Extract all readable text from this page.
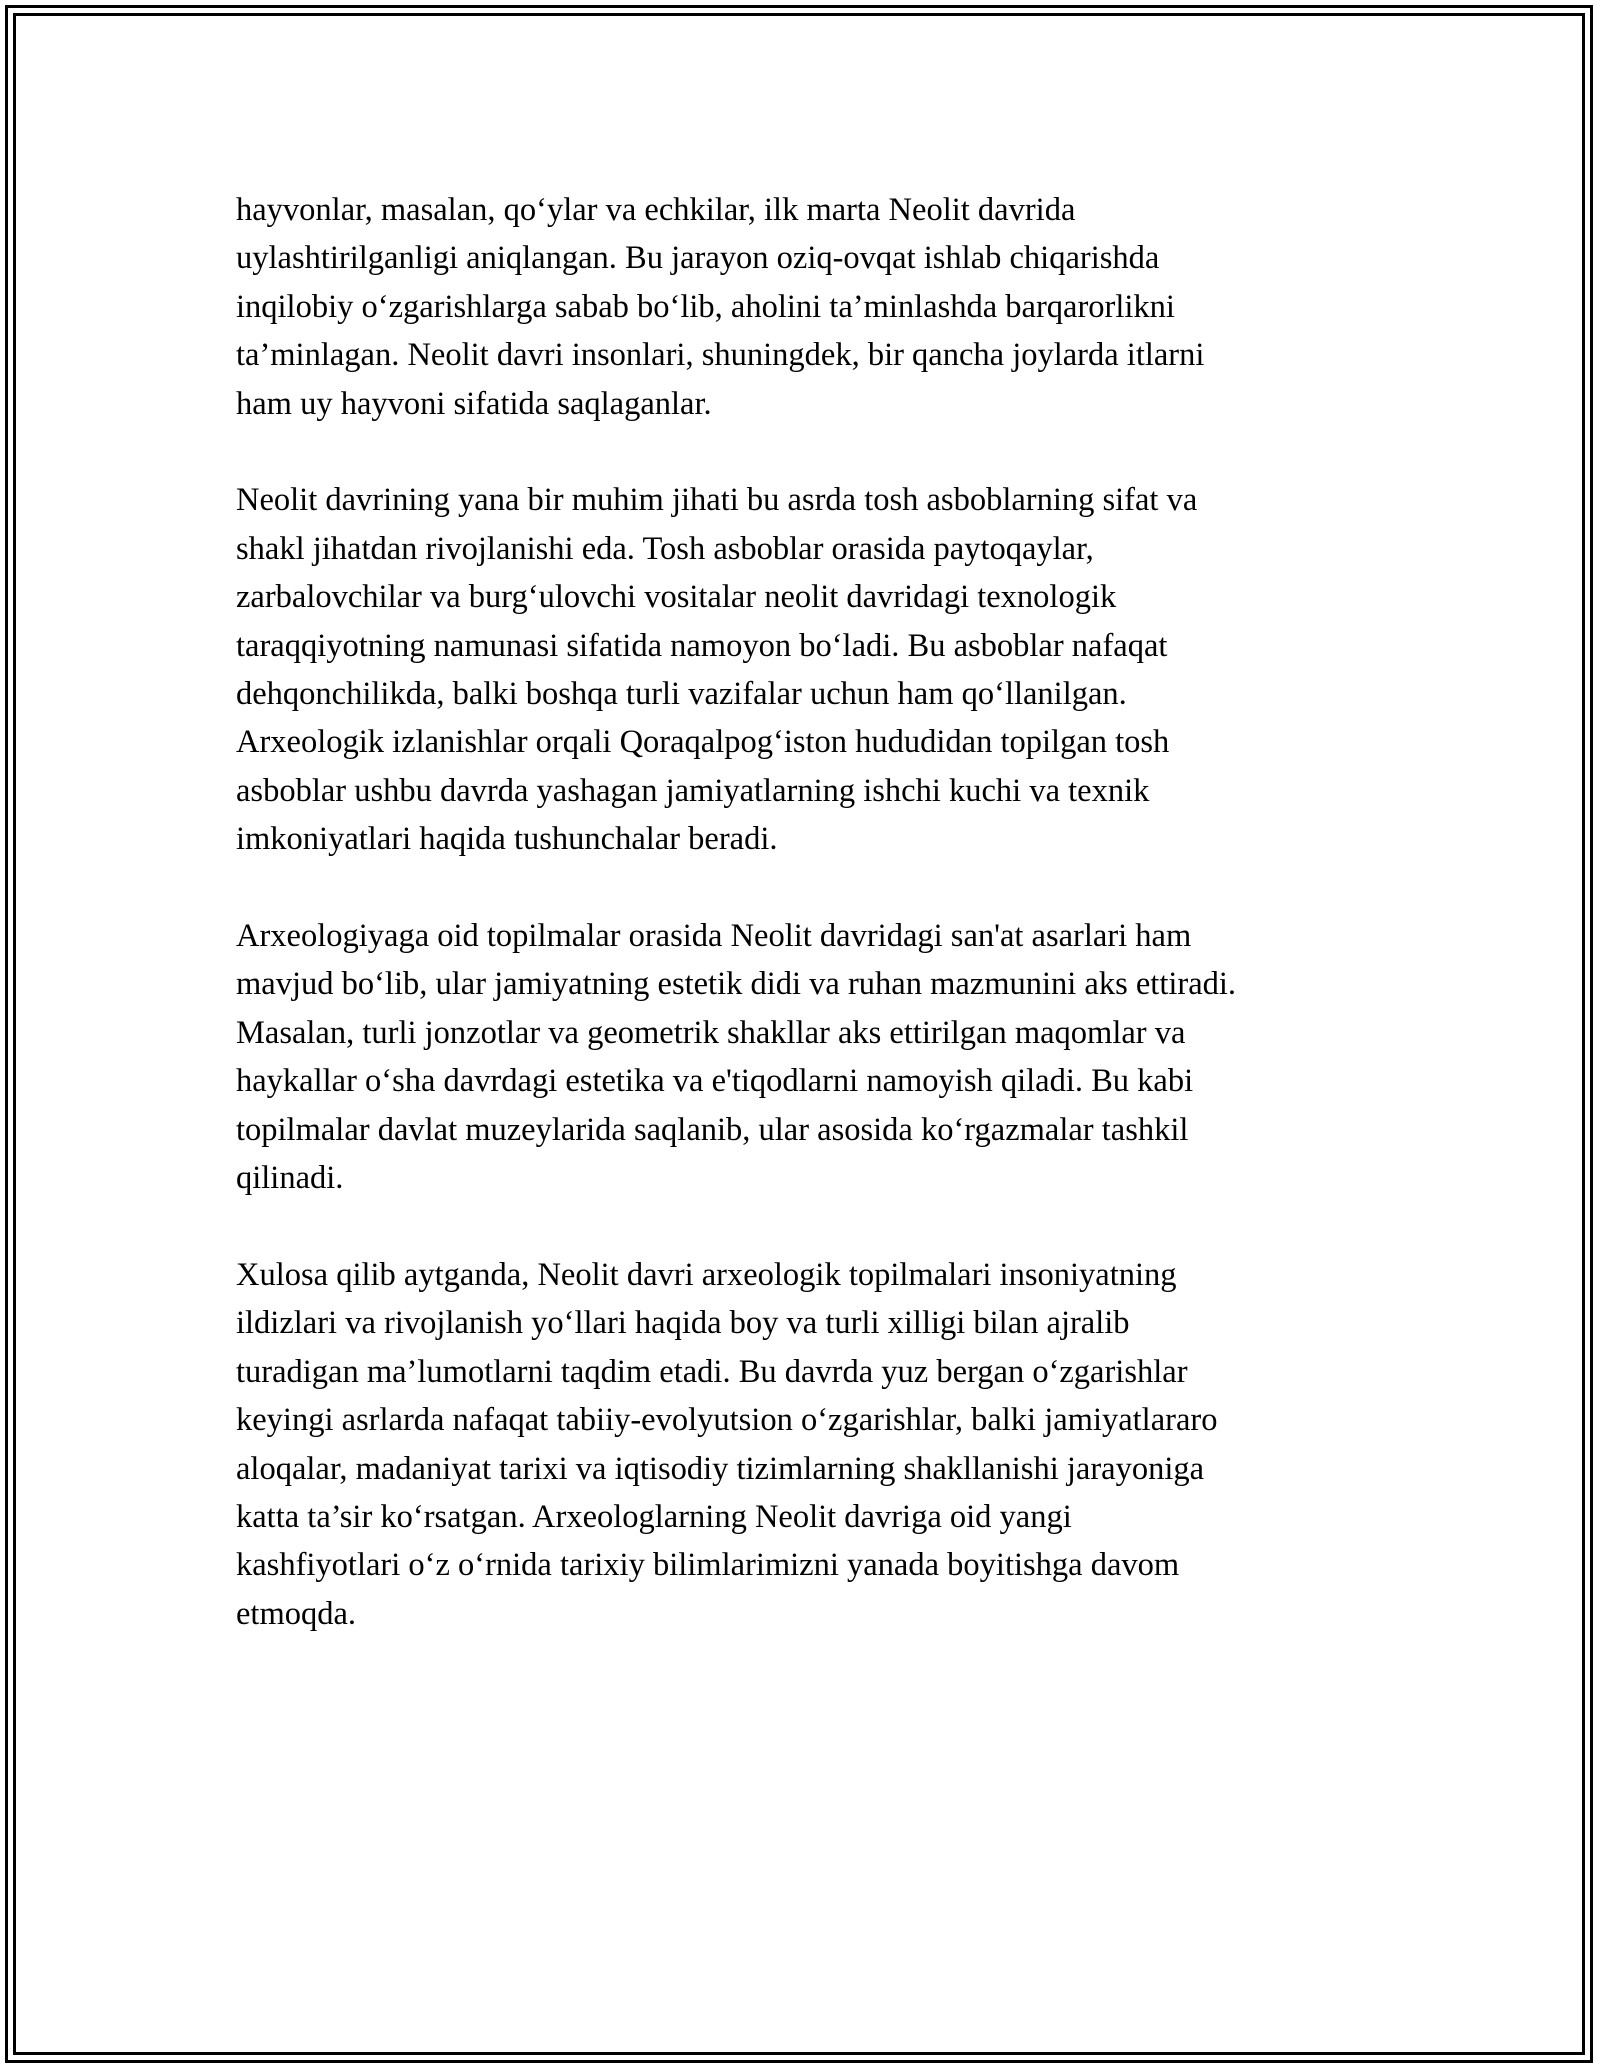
hayvonlar, masalan, qo‘ylar va echkilar, ilk marta Neolit davrida
uylashtirilganligi aniqlangan. Bu jarayon oziq-ovqat ishlab chiqarishda
inqilobiy o‘zgarishlarga sabab bo‘lib, aholini ta’minlashda barqarorlikni
ta’minlagan. Neolit davri insonlari, shuningdek, bir qancha joylarda itlarni
ham uy hayvoni sifatida saqlaganlar.

Neolit davrining yana bir muhim jihati bu asrda tosh asboblarning sifat va
shakl jihatdan rivojlanishi eda. Tosh asboblar orasida paytoqaylar,
zarbalovchilar va burg‘ulovchi vositalar neolit davridagi texnologik
taraqqiyotning namunasi sifatida namoyon bo‘ladi. Bu asboblar nafaqat
dehqonchilikda, balki boshqa turli vazifalar uchun ham qo‘llanilgan.
Arxeologik izlanishlar orqali Qoraqalpog‘iston hududidan topilgan tosh
asboblar ushbu davrda yashagan jamiyatlarning ishchi kuchi va texnik
imkoniyatlari haqida tushunchalar beradi.

Arxeologiyaga oid topilmalar orasida Neolit davridagi san'at asarlari ham
mavjud bo‘lib, ular jamiyatning estetik didi va ruhan mazmunini aks ettiradi.
Masalan, turli jonzotlar va geometrik shakllar aks ettirilgan maqomlar va
haykallar o‘sha davrdagi estetika va e'tiqodlarni namoyish qiladi. Bu kabi
topilmalar davlat muzeylarida saqlanib, ular asosida ko‘rgazmalar tashkil
qilinadi.

Xulosa qilib aytganda, Neolit davri arxeologik topilmalari insoniyatning
ildizlari va rivojlanish yo‘llari haqida boy va turli xilligi bilan ajralib
turadigan ma’lumotlarni taqdim etadi. Bu davrda yuz bergan o‘zgarishlar
keyingi asrlarda nafaqat tabiiy-evolyutsion o‘zgarishlar, balki jamiyatlararo
aloqalar, madaniyat tarixi va iqtisodiy tizimlarning shakllanishi jarayoniga
katta ta’sir ko‘rsatgan. Arxeologlarning Neolit davriga oid yangi
kashfiyotlari o‘z o‘rnida tarixiy bilimlarimizni yanada boyitishga davom
etmoqda.
